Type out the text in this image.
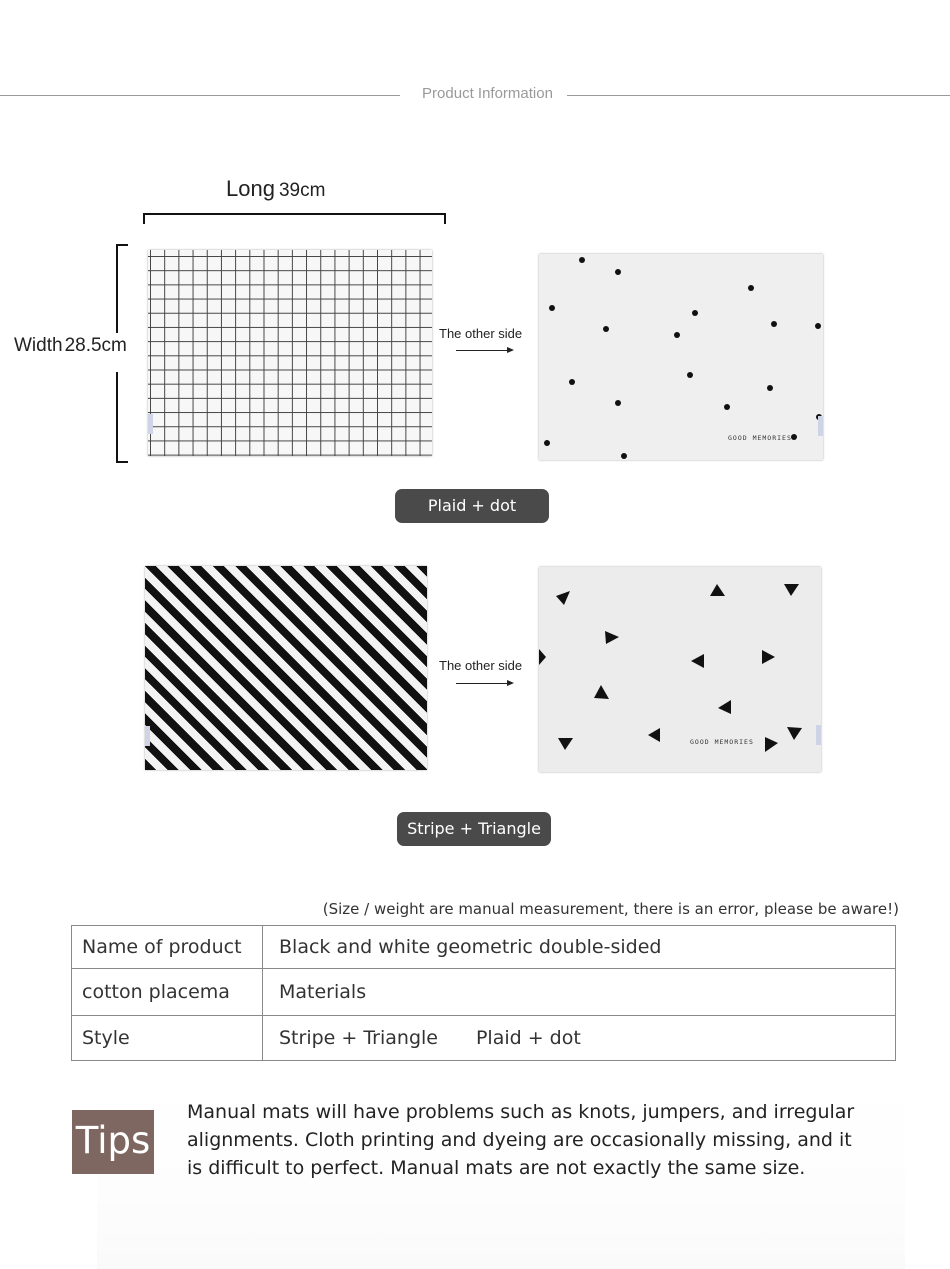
Product Information
Long 39cm
Width 28.5cm
The other side
GOOD MEMORIES
Plaid + dot
The other side
GOOD MEMORIES
Stripe + Triangle
(Size / weight are manual measurement, there is an error, please be aware!)
Name of product	Black and white geometric double-sided
cotton placema	Materials
Style	Stripe + Triangle Plaid + dot
Tips
Manual mats will have problems such as knots, jumpers, and irregular alignments. Cloth printing and dyeing are occasionally missing, and it is difficult to perfect. Manual mats are not exactly the same size.
